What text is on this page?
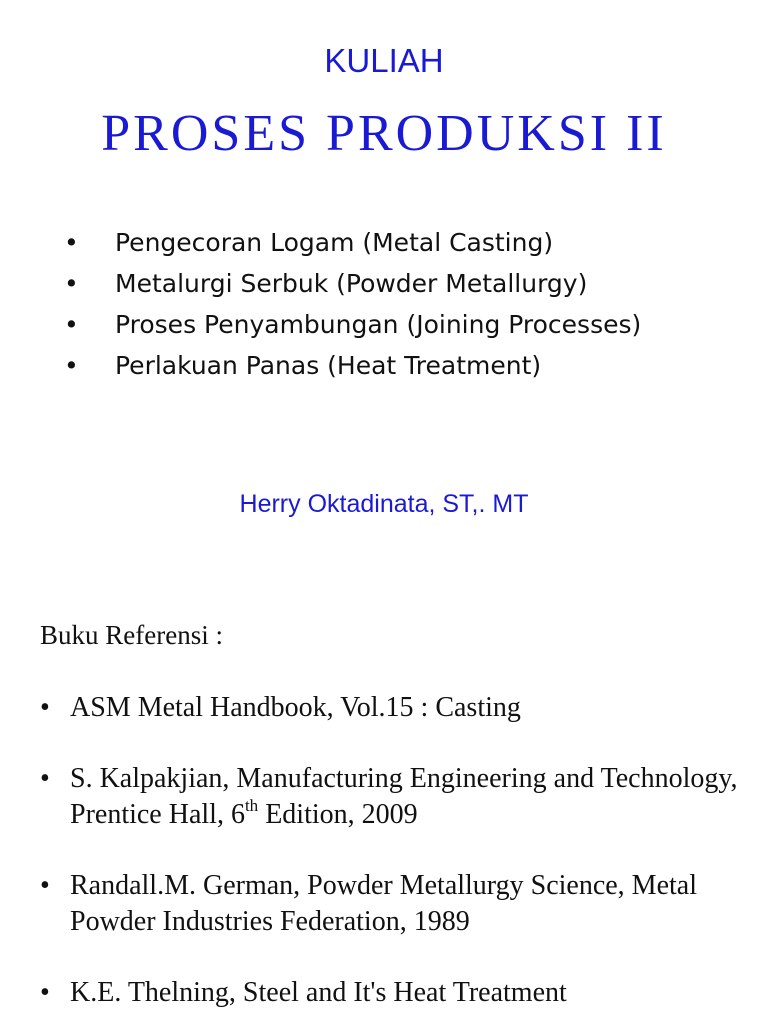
KULIAH
PROSES PRODUKSI II
• Pengecoran Logam (Metal Casting)
• Metalurgi Serbuk (Powder Metallurgy)
• Proses Penyambungan (Joining Processes)
• Perlakuan Panas (Heat Treatment)
Herry Oktadinata, ST,. MT
Buku Referensi :
• ASM Metal Handbook, Vol.15 : Casting
• S. Kalpakjian, Manufacturing Engineering and Technology, Prentice Hall, 6th Edition, 2009
• Randall.M. German, Powder Metallurgy Science, Metal Powder Industries Federation, 1989
• K.E. Thelning, Steel and It's Heat Treatment
